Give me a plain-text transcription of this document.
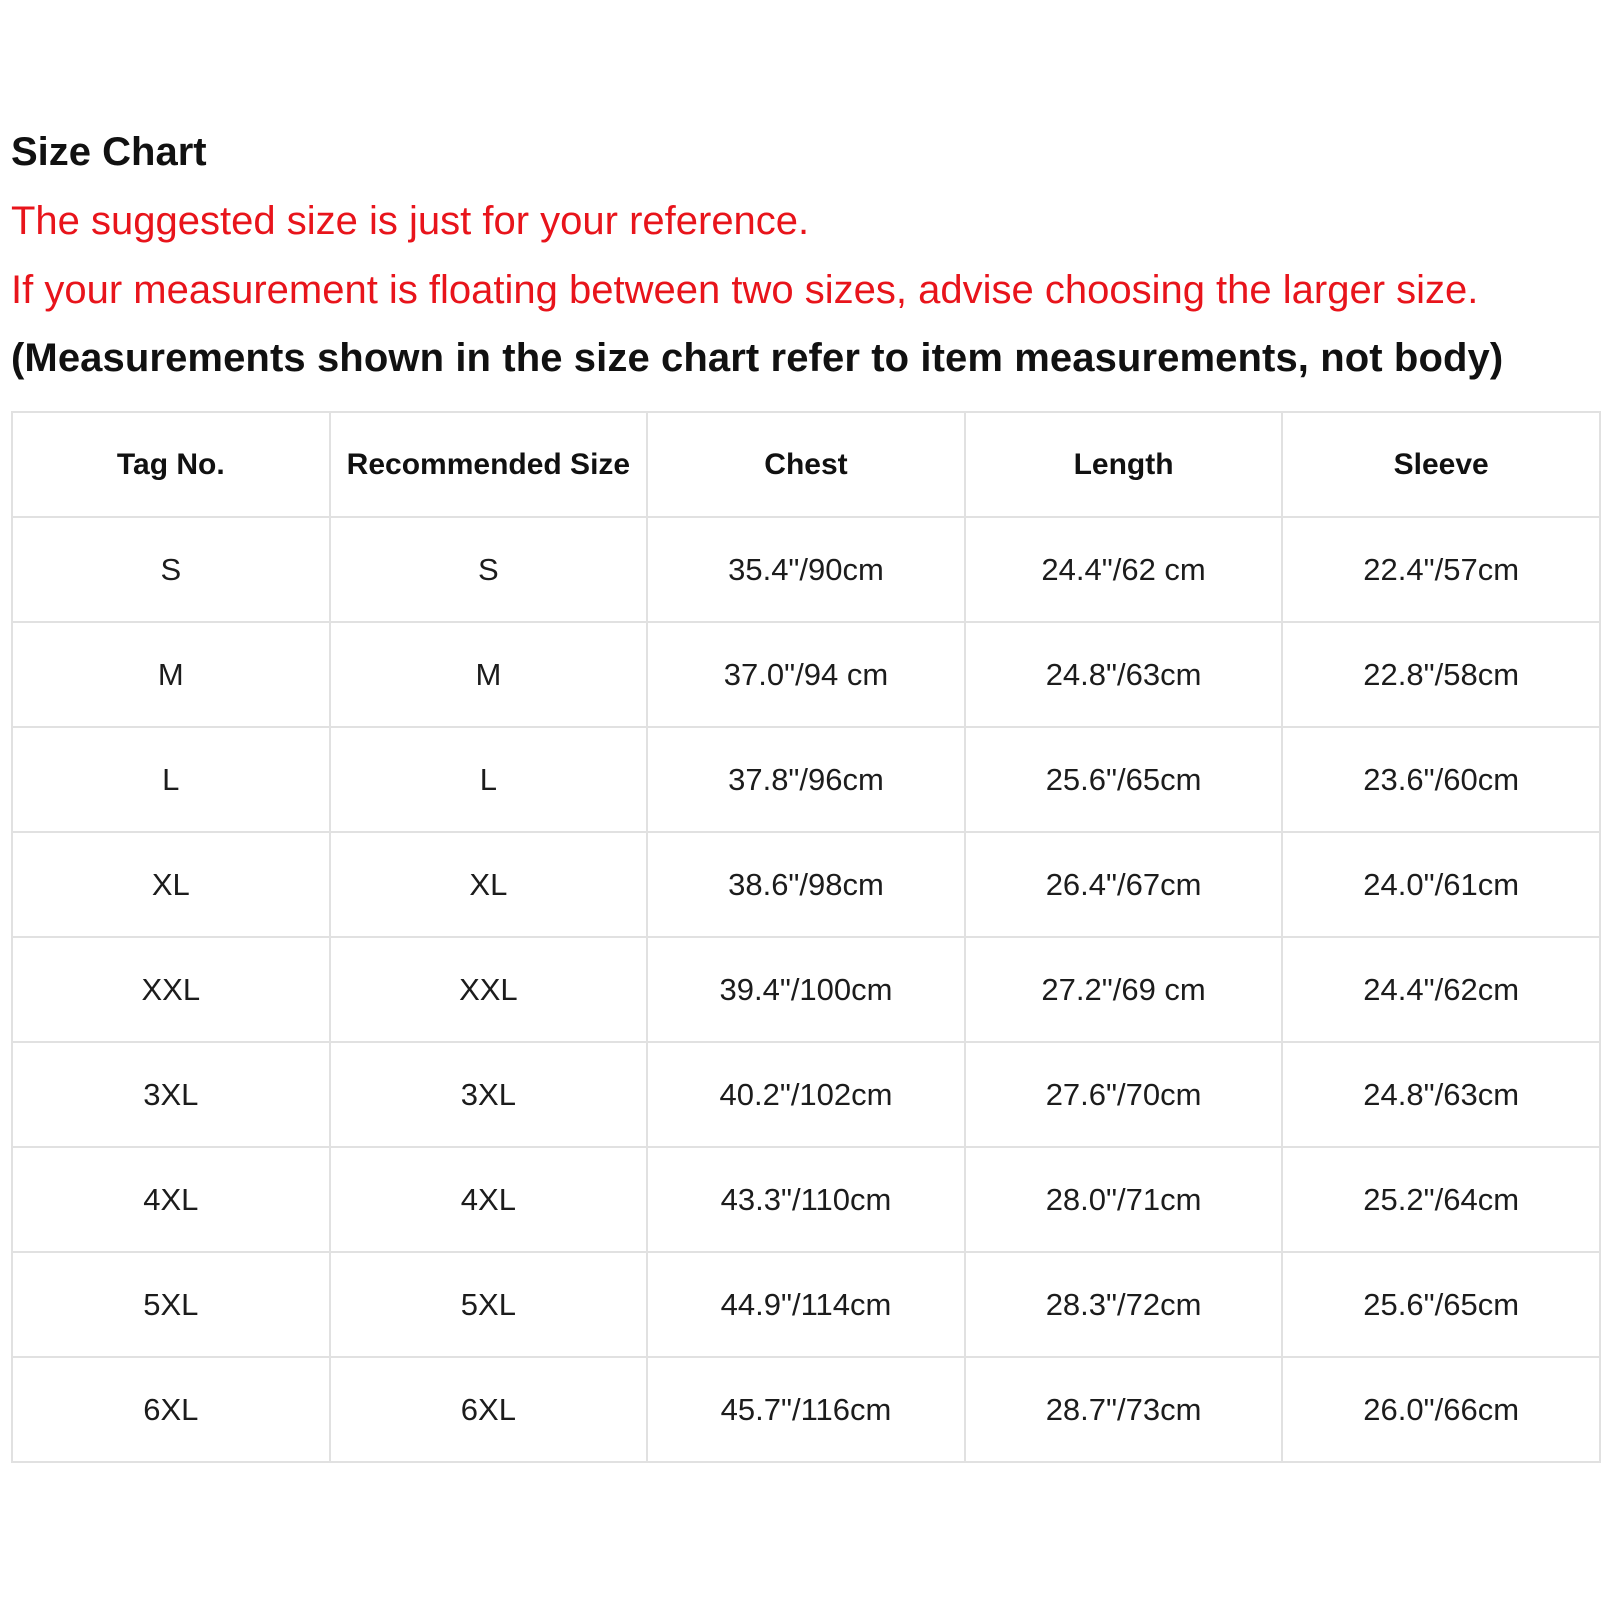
Size Chart
The suggested size is just for your reference.
If your measurement is floating between two sizes, advise choosing the larger size.
(Measurements shown in the size chart refer to item measurements, not body)
Tag No.	Recommended Size	Chest	Length	Sleeve
S	S	35.4"/90cm	24.4"/62 cm	22.4"/57cm
M	M	37.0"/94 cm	24.8"/63cm	22.8"/58cm
L	L	37.8"/96cm	25.6"/65cm	23.6"/60cm
XL	XL	38.6"/98cm	26.4"/67cm	24.0"/61cm
XXL	XXL	39.4"/100cm	27.2"/69 cm	24.4"/62cm
3XL	3XL	40.2"/102cm	27.6"/70cm	24.8"/63cm
4XL	4XL	43.3"/110cm	28.0"/71cm	25.2"/64cm
5XL	5XL	44.9"/114cm	28.3"/72cm	25.6"/65cm
6XL	6XL	45.7"/116cm	28.7"/73cm	26.0"/66cm
